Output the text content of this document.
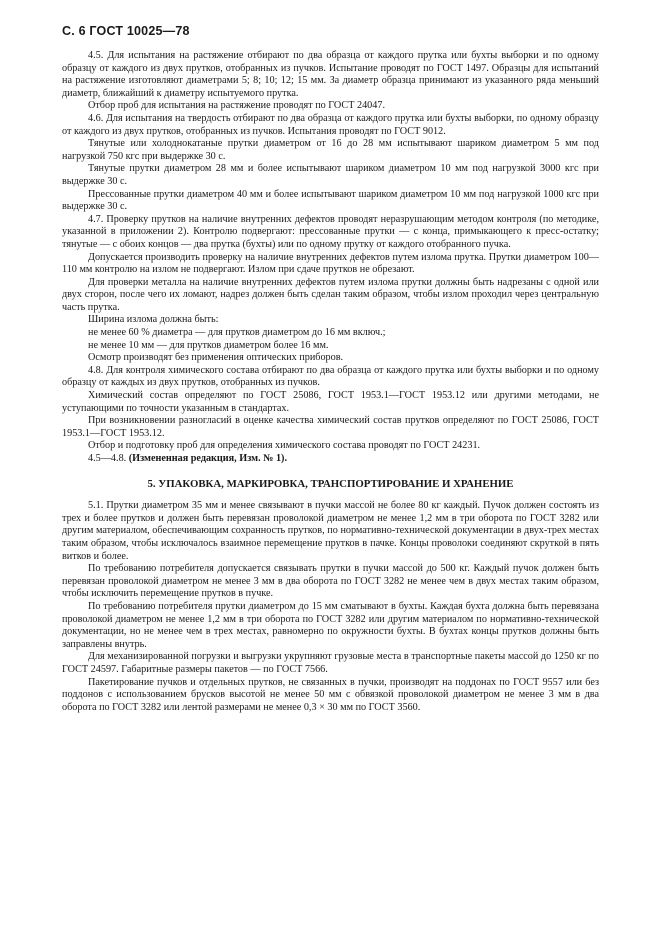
С. 6 ГОСТ 10025—78

4.5. Для испытания на растяжение отбирают по два образца от каждого прутка или бухты выборки и по одному образцу от каждого из двух прутков, отобранных из пучков. Испытание проводят по ГОСТ 1497. Образцы для испытаний на растяжение изготовляют диаметрами 5; 8; 10; 12; 15 мм. За диаметр образца принимают из указанного ряда меньший диаметр, ближайший к диаметру испытуемого прутка.

Отбор проб для испытания на растяжение проводят по ГОСТ 24047.

4.6. Для испытания на твердость отбирают по два образца от каждого прутка или бухты выборки, по одному образцу от каждого из двух прутков, отобранных из пучков. Испытания проводят по ГОСТ 9012.

Тянутые или холоднокатаные прутки диаметром от 16 до 28 мм испытывают шариком диаметром 5 мм под нагрузкой 750 кгс при выдержке 30 с.

Тянутые прутки диаметром 28 мм и более испытывают шариком диаметром 10 мм под нагрузкой 3000 кгс при выдержке 30 с.

Прессованные прутки диаметром 40 мм и более испытывают шариком диаметром 10 мм под нагрузкой 1000 кгс при выдержке 30 с.

4.7. Проверку прутков на наличие внутренних дефектов проводят неразрушающим методом контроля (по методике, указанной в приложении 2). Контролю подвергают: прессованные прутки — с конца, примыкающего к пресс-остатку; тянутые — с обоих концов — два прутка (бухты) или по одному прутку от каждого отобранного пучка.

Допускается производить проверку на наличие внутренних дефектов путем излома прутка. Прутки диаметром 100—110 мм контролю на излом не подвергают. Излом при сдаче прутков не обрезают.

Для проверки металла на наличие внутренних дефектов путем излома прутки должны быть надрезаны с одной или двух сторон, после чего их ломают, надрез должен быть сделан таким образом, чтобы излом проходил через центральную часть прутка.

Ширина излома должна быть:

не менее 60 % диаметра — для прутков диаметром до 16 мм включ.;

не менее 10 мм — для прутков диаметром более 16 мм.

Осмотр производят без применения оптических приборов.

4.8. Для контроля химического состава отбирают по два образца от каждого прутка или бухты выборки и по одному образцу от каждых из двух прутков, отобранных из пучков.

Химический состав определяют по ГОСТ 25086, ГОСТ 1953.1—ГОСТ 1953.12 или другими методами, не уступающими по точности указанным в стандартах.

При возникновении разногласий в оценке качества химический состав прутков определяют по ГОСТ 25086, ГОСТ 1953.1—ГОСТ 1953.12.

Отбор и подготовку проб для определения химического состава проводят по ГОСТ 24231.

4.5—4.8. (Измененная редакция, Изм. № 1).

5. УПАКОВКА, МАРКИРОВКА, ТРАНСПОРТИРОВАНИЕ И ХРАНЕНИЕ

5.1. Прутки диаметром 35 мм и менее связывают в пучки массой не более 80 кг каждый. Пучок должен состоять из трех и более прутков и должен быть перевязан проволокой диаметром не менее 1,2 мм в три оборота по ГОСТ 3282 или другим материалом, обеспечивающим сохранность прутков, по нормативно-технической документации в двух-трех местах таким образом, чтобы исключалось взаимное перемещение прутков в пачке. Концы проволоки соединяют скруткой в пять витков и более.

По требованию потребителя допускается связывать прутки в пучки массой до 500 кг. Каждый пучок должен быть перевязан проволокой диаметром не менее 3 мм в два оборота по ГОСТ 3282 не менее чем в двух местах таким образом, чтобы исключить перемещение прутков в пучке.

По требованию потребителя прутки диаметром до 15 мм сматывают в бухты. Каждая бухта должна быть перевязана проволокой диаметром не менее 1,2 мм в три оборота по ГОСТ 3282 или другим материалом по нормативно-технической документации, но не менее чем в трех местах, равномерно по окружности бухты. В бухтах концы прутков должны быть заправлены внутрь.

Для механизированной погрузки и выгрузки укрупняют грузовые места в транспортные пакеты массой до 1250 кг по ГОСТ 24597. Габаритные размеры пакетов — по ГОСТ 7566.

Пакетирование пучков и отдельных прутков, не связанных в пучки, производят на поддонах по ГОСТ 9557 или без поддонов с использованием брусков высотой не менее 50 мм с обвязкой проволокой диаметром не менее 3 мм в два оборота по ГОСТ 3282 или лентой размерами не менее 0,3 × 30 мм по ГОСТ 3560.
